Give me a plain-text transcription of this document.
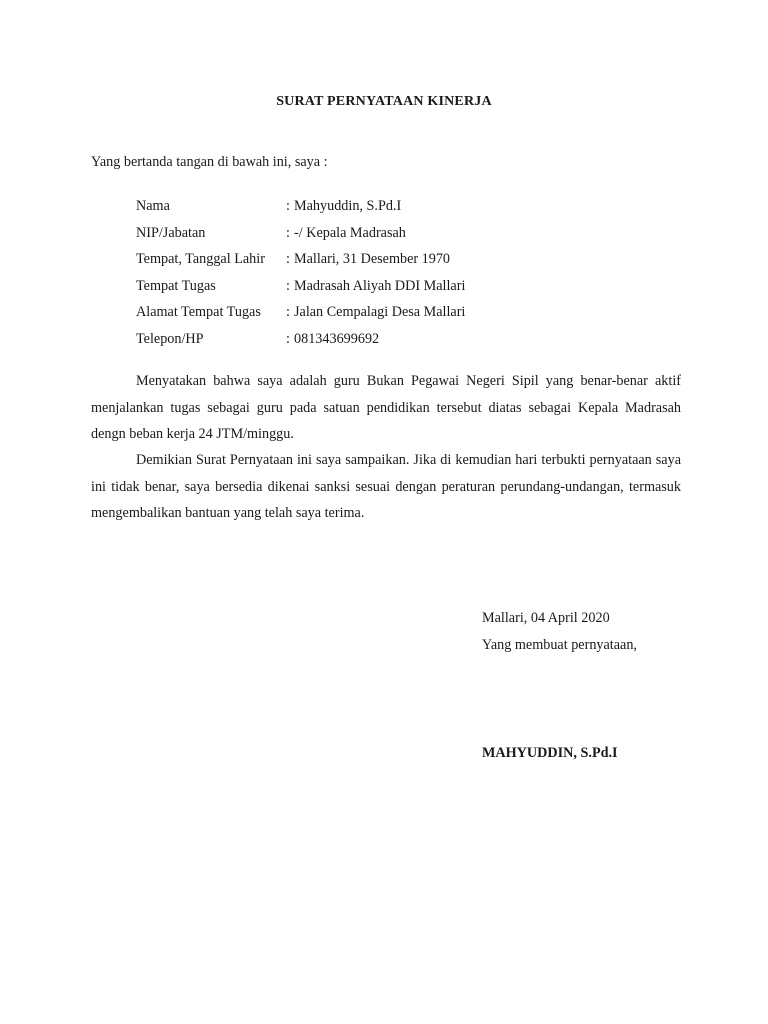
SURAT PERNYATAAN KINERJA
Yang bertanda tangan di bawah ini, saya :
Nama	: Mahyuddin, S.Pd.I
NIP/Jabatan	: -/ Kepala Madrasah
Tempat, Tanggal Lahir : Mallari, 31 Desember 1970
Tempat Tugas	: Madrasah Aliyah DDI Mallari
Alamat Tempat Tugas : Jalan Cempalagi Desa Mallari
Telepon/HP	: 081343699692
Menyatakan bahwa saya adalah guru Bukan Pegawai Negeri Sipil yang benar-benar aktif menjalankan tugas sebagai guru pada satuan pendidikan tersebut diatas sebagai Kepala Madrasah dengn beban kerja 24 JTM/minggu.
Demikian Surat Pernyataan ini saya sampaikan. Jika di kemudian hari terbukti pernyataan saya ini tidak benar, saya bersedia dikenai sanksi sesuai dengan peraturan perundang-undangan, termasuk mengembalikan bantuan yang telah saya terima.
Mallari, 04 April 2020
Yang membuat pernyataan,
MAHYUDDIN, S.Pd.I
